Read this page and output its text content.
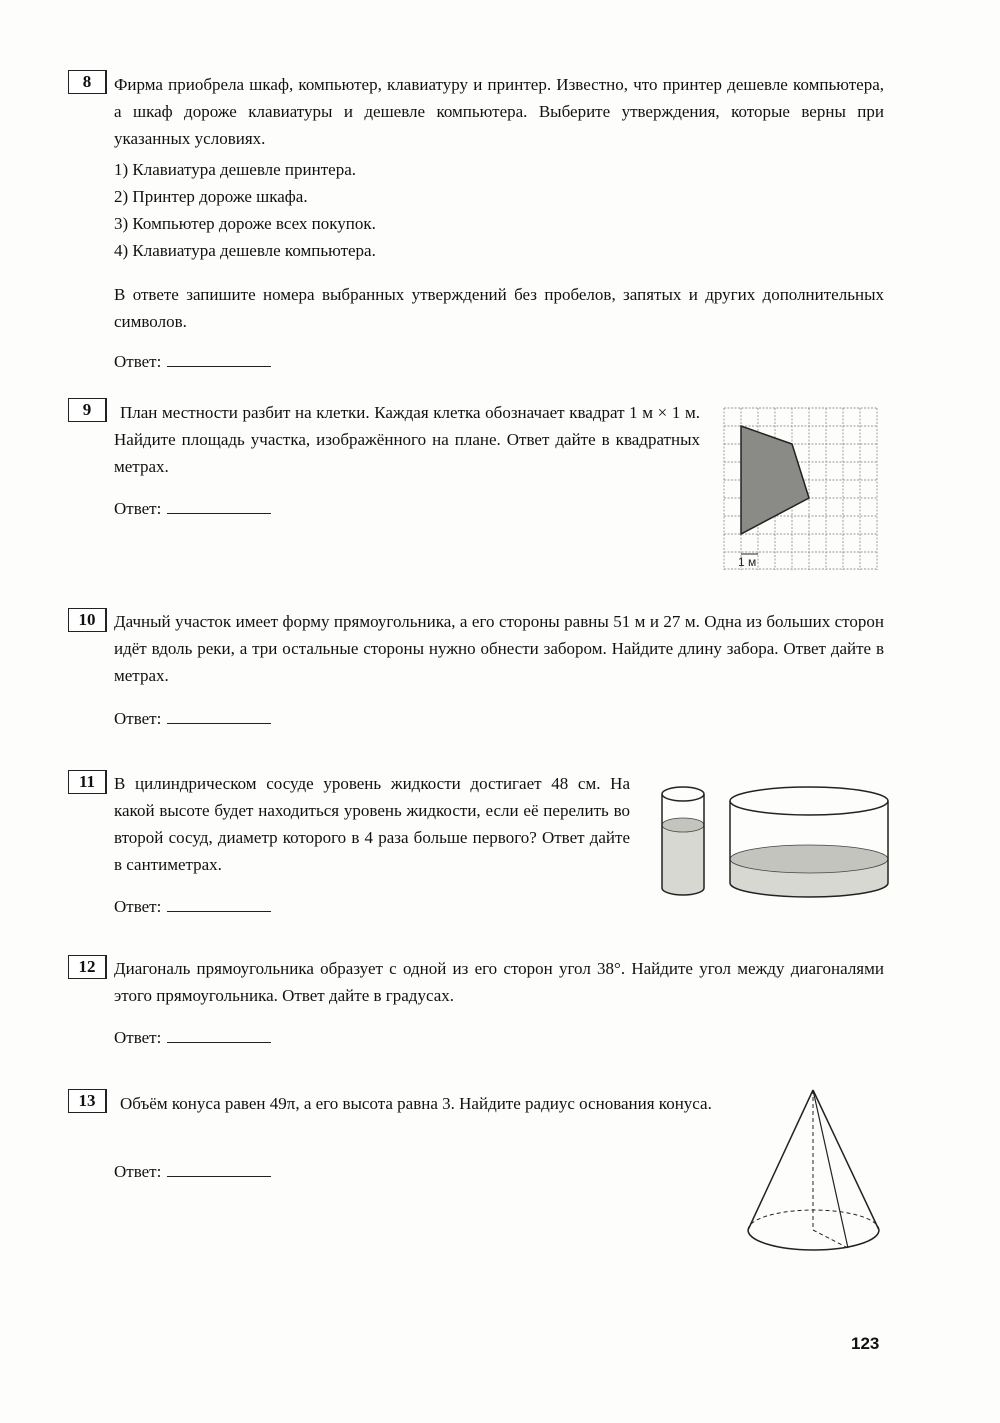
8	Фирма приобрела шкаф, компьютер, клавиатуру и принтер. Известно, что принтер дешевле компьютера, а шкаф дороже клавиатуры и дешевле компьютера. Выберите утверждения, которые верны при указанных условиях.
1) Клавиатура дешевле принтера.
2) Принтер дороже шкафа.
3) Компьютер дороже всех покупок.
4) Клавиатура дешевле компьютера.
В ответе запишите номера выбранных утверждений без пробелов, запятых и других дополнительных символов.
Ответ:
9	План местности разбит на клетки. Каждая клетка обозначает квадрат 1 м × 1 м. Найдите площадь участка, изображённого на плане. Ответ дайте в квадратных метрах.
Ответ:
1 м
10	Дачный участок имеет форму прямоугольника, а его стороны равны 51 м и 27 м. Одна из больших сторон идёт вдоль реки, а три остальные стороны нужно обнести забором. Найдите длину забора. Ответ дайте в метрах.
Ответ:
11	В цилиндрическом сосуде уровень жидкости достигает 48 см. На какой высоте будет находиться уровень жидкости, если её перелить во второй сосуд, диаметр которого в 4 раза больше первого? Ответ дайте в сантиметрах.
Ответ:
12	Диагональ прямоугольника образует с одной из его сторон угол 38°. Найдите угол между диагоналями этого прямоугольника. Ответ дайте в градусах.
Ответ:
13	Объём конуса равен 49π, а его высота равна 3. Найдите радиус основания конуса.
Ответ:
123
